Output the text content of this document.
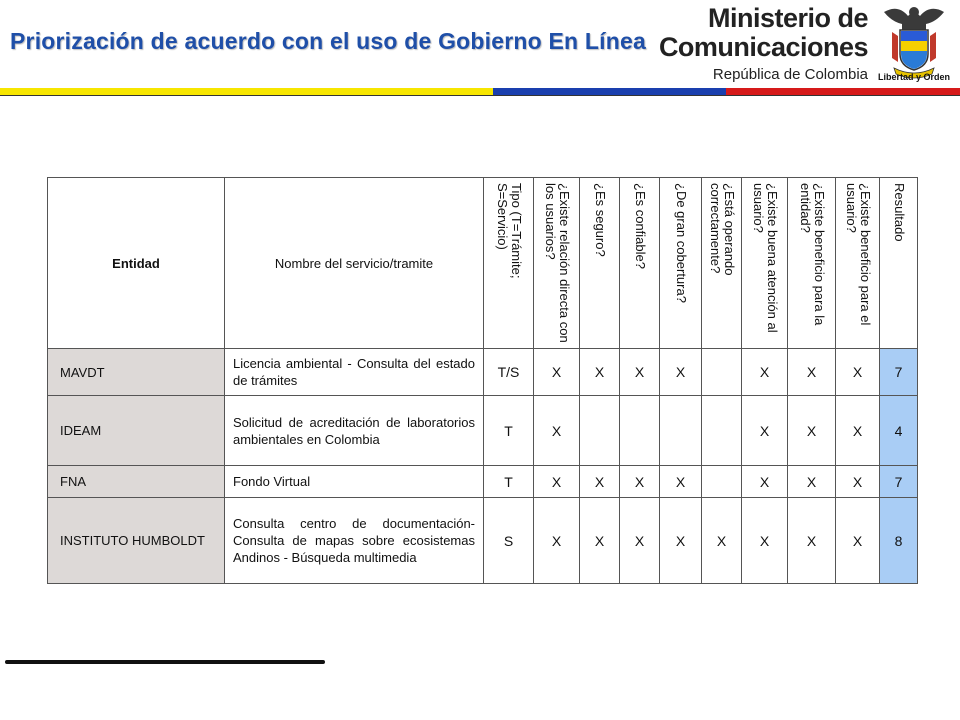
Priorización de acuerdo con el uso de Gobierno En Línea
Ministerio de
Comunicaciones
República de Colombia Libertad y Orden
Entidad	Nombre del servicio/tramite	Tipo (T=Trámite; S=Servicio)	¿Existe relación directa con los usuarios?	¿Es seguro?	¿Es confiable?	¿De gran cobertura?	¿Está operando correctamente?	¿Existe buena atención al usuario?	¿Existe beneficio para la entidad?	¿Existe beneficio para el usuario?	Resultado

MAVDT	Licencia ambiental - Consulta del estado de trámites	T/S	X	X	X	X		X	X	X	7
IDEAM	Solicitud de acreditación de laboratorios ambientales en Colombia	T	X					X	X	X	4
FNA	Fondo Virtual	T	X	X	X	X		X	X	X	7
INSTITUTO HUMBOLDT	Consulta centro de documentación- Consulta de mapas sobre ecosistemas Andinos - Búsqueda multimedia	S	X	X	X	X	X	X	X	X	8
